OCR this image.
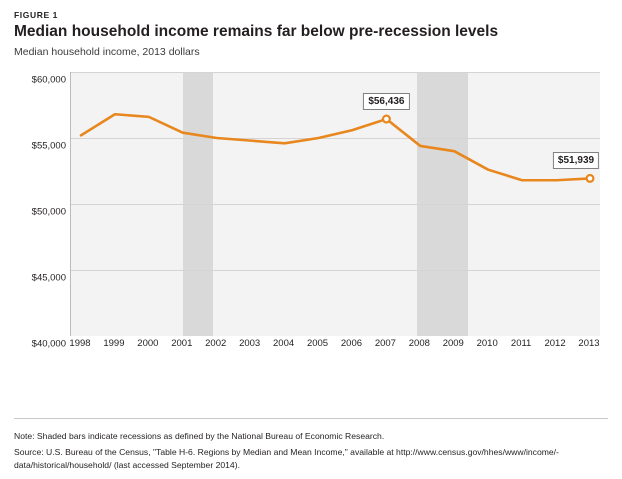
FIGURE 1
Median household income remains far below pre-recession levels
Median household income, 2013 dollars
$40,000
$45,000
$50,000
$55,000
$60,000
$56,436
$51,939
1998 1999 2000 2001 2002 2003 2004 2005 2006 2007 2008 2009 2010 2011 2012 2013
Note: Shaded bars indicate recessions as defined by the National Bureau of Economic Research.
Source: U.S. Bureau of the Census, "Table H-6. Regions by Median and Mean Income," available at http://www.census.gov/hhes/www/income/-data/historical/household/ (last accessed September 2014).
